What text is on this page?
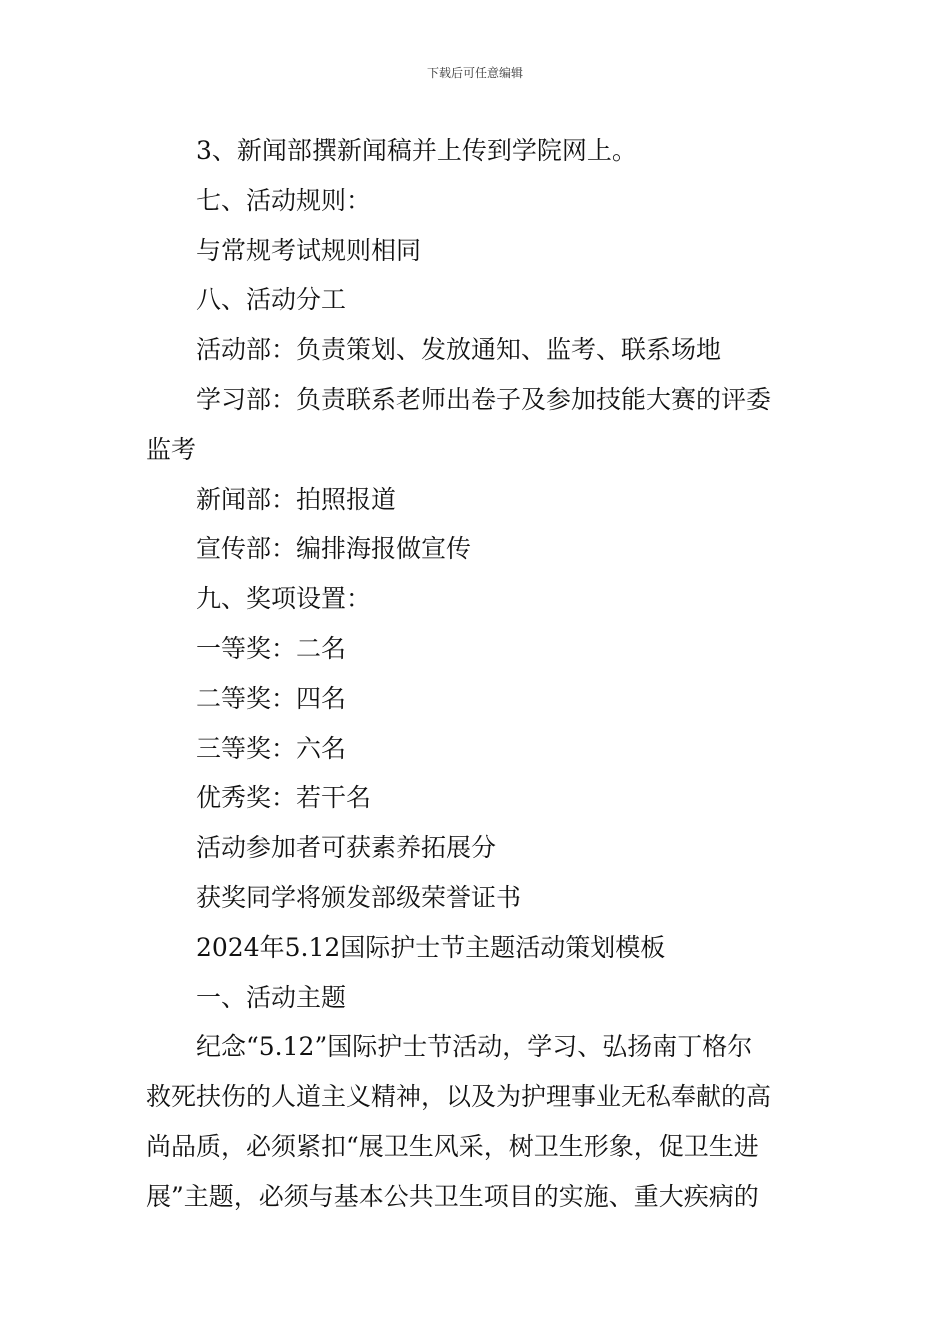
下载后可任意编辑
3、新闻部撰新闻稿并上传到学院网上。
七、活动规则：
与常规考试规则相同
八、活动分工
活动部：负责策划、发放通知、监考、联系场地
学习部：负责联系老师出卷子及参加技能大赛的评委
监考
新闻部：拍照报道
宣传部：编排海报做宣传
九、奖项设置：
一等奖：二名
二等奖：四名
三等奖：六名
优秀奖：若干名
活动参加者可获素养拓展分
获奖同学将颁发部级荣誉证书
2024年5.12国际护士节主题活动策划模板
一、活动主题
纪念“5.12”国际护士节活动，学习、弘扬南丁格尔
救死扶伤的人道主义精神，以及为护理事业无私奉献的高
尚品质，必须紧扣“展卫生风采，树卫生形象，促卫生进
展”主题，必须与基本公共卫生项目的实施、重大疾病的
